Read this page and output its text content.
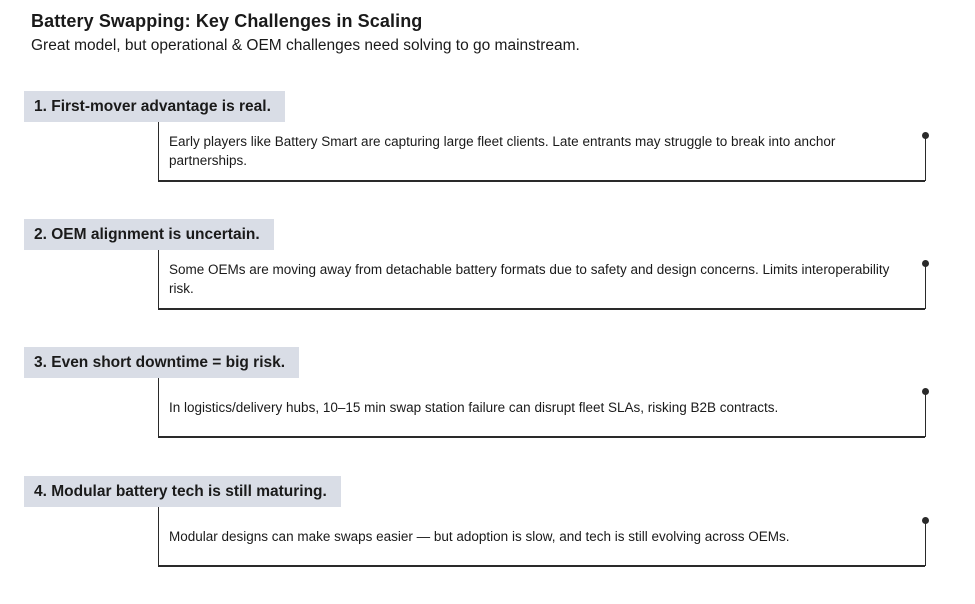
Battery Swapping: Key Challenges in Scaling
Great model, but operational & OEM challenges need solving to go mainstream.
1. First-mover advantage is real.
Early players like Battery Smart are capturing large fleet clients. Late entrants may struggle to break into anchor partnerships.
2. OEM alignment is uncertain.
Some OEMs are moving away from detachable battery formats due to safety and design concerns. Limits interoperability risk.
3. Even short downtime = big risk.
In logistics/delivery hubs, 10–15 min swap station failure can disrupt fleet SLAs, risking B2B contracts.
4. Modular battery tech is still maturing.
Modular designs can make swaps easier — but adoption is slow, and tech is still evolving across OEMs.
